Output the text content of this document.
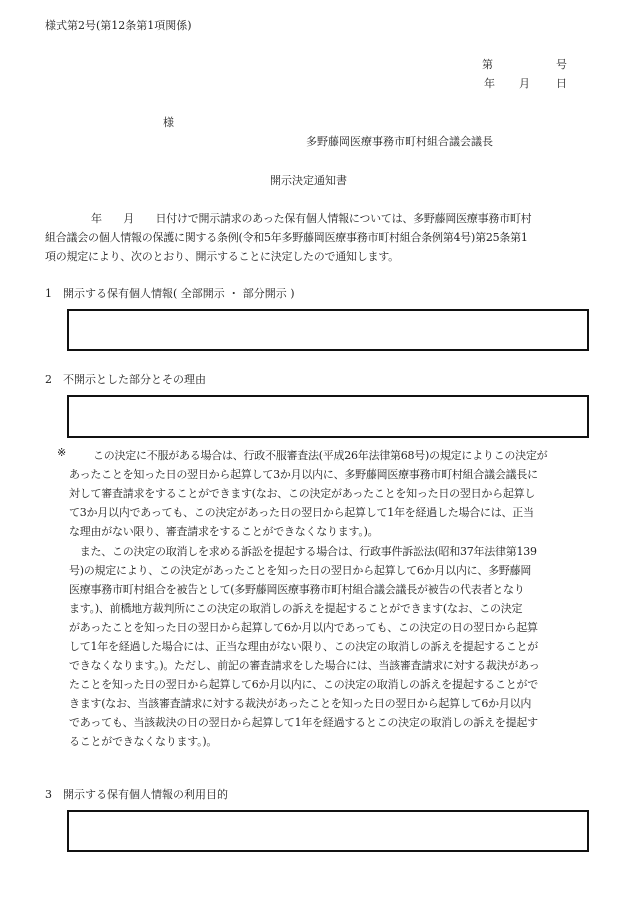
様式第2号(第12条第1項関係)
第	号
年 月 日
様
多野藤岡医療事務市町村組合議会議長
開示決定通知書
年　　月　　日付けで開示請求のあった保有個人情報については、多野藤岡医療事務市町村
組合議会の個人情報の保護に関する条例(令和5年多野藤岡医療事務市町村組合条例第4号)第25条第1
項の規定により、次のとおり、開示することに決定したので通知します。
1　開示する保有個人情報( 全部開示 ・ 部分開示 )
2　不開示とした部分とその理由
※ この決定に不服がある場合は、行政不服審査法(平成26年法律第68号)の規定によりこの決定が
あったことを知った日の翌日から起算して3か月以内に、多野藤岡医療事務市町村組合議会議長に
対して審査請求をすることができます(なお、この決定があったことを知った日の翌日から起算し
て3か月以内であっても、この決定があった日の翌日から起算して1年を経過した場合には、正当
な理由がない限り、審査請求をすることができなくなります。)。
　また、この決定の取消しを求める訴訟を提起する場合は、行政事件訴訟法(昭和37年法律第139
号)の規定により、この決定があったことを知った日の翌日から起算して6か月以内に、多野藤岡
医療事務市町村組合を被告として(多野藤岡医療事務市町村組合議会議長が被告の代表者となり
ます。)、前橋地方裁判所にこの決定の取消しの訴えを提起することができます(なお、この決定
があったことを知った日の翌日から起算して6か月以内であっても、この決定の日の翌日から起算
して1年を経過した場合には、正当な理由がない限り、この決定の取消しの訴えを提起することが
できなくなります。)。ただし、前記の審査請求をした場合には、当該審査請求に対する裁決があっ
たことを知った日の翌日から起算して6か月以内に、この決定の取消しの訴えを提起することがで
きます(なお、当該審査請求に対する裁決があったことを知った日の翌日から起算して6か月以内
であっても、当該裁決の日の翌日から起算して1年を経過するとこの決定の取消しの訴えを提起す
ることができなくなります。)。
3　開示する保有個人情報の利用目的
